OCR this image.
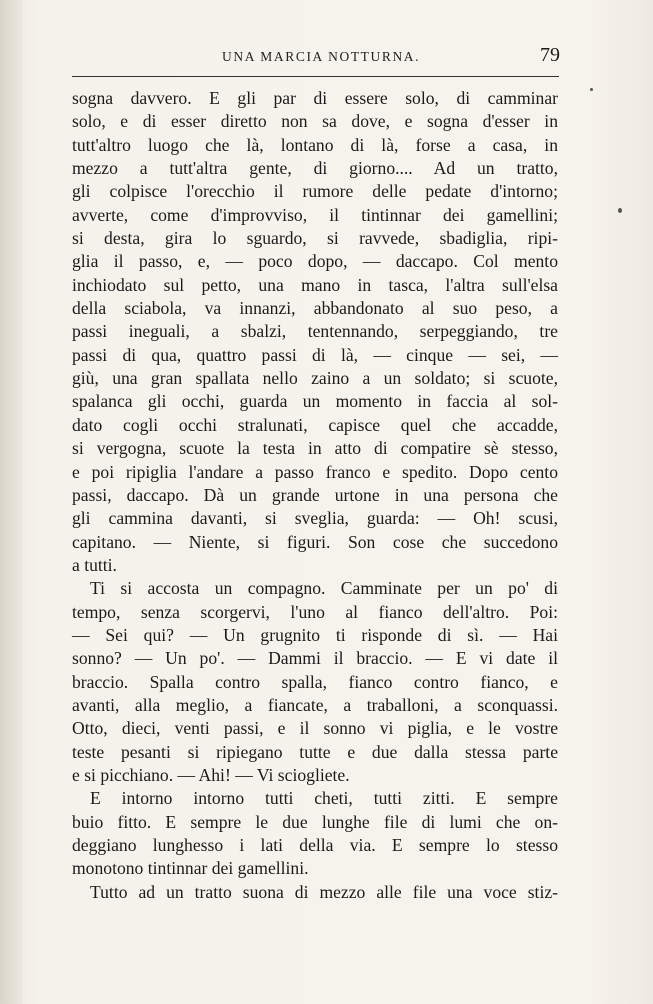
UNA MARCIA NOTTURNA.	79
sogna davvero. E gli par di essere solo, di camminar
solo, e di esser diretto non sa dove, e sogna d'esser in
tutt'altro luogo che là, lontano di là, forse a casa, in
mezzo a tutt'altra gente, di giorno.... Ad un tratto,
gli colpisce l'orecchio il rumore delle pedate d'intorno;
avverte, come d'improvviso, il tintinnar dei gamellini;
si desta, gira lo sguardo, si ravvede, sbadiglia, ripi-
glia il passo, e, — poco dopo, — daccapo. Col mento
inchiodato sul petto, una mano in tasca, l'altra sull'elsa
della sciabola, va innanzi, abbandonato al suo peso, a
passi ineguali, a sbalzi, tentennando, serpeggiando, tre
passi di qua, quattro passi di là, — cinque — sei, —
giù, una gran spallata nello zaino a un soldato; si scuote,
spalanca gli occhi, guarda un momento in faccia al sol-
dato cogli occhi stralunati, capisce quel che accadde,
si vergogna, scuote la testa in atto di compatire sè stesso,
e poi ripiglia l'andare a passo franco e spedito. Dopo cento
passi, daccapo. Dà un grande urtone in una persona che
gli cammina davanti, si sveglia, guarda: — Oh! scusi,
capitano. — Niente, si figuri. Son cose che succedono
a tutti.
Ti si accosta un compagno. Camminate per un po' di
tempo, senza scorgervi, l'uno al fianco dell'altro. Poi:
— Sei qui? — Un grugnito ti risponde di sì. — Hai
sonno? — Un po'. — Dammi il braccio. — E vi date il
braccio. Spalla contro spalla, fianco contro fianco, e
avanti, alla meglio, a fiancate, a traballoni, a sconquassi.
Otto, dieci, venti passi, e il sonno vi piglia, e le vostre
teste pesanti si ripiegano tutte e due dalla stessa parte
e si picchiano. — Ahi! — Vi sciogliete.
E intorno intorno tutti cheti, tutti zitti. E sempre
buio fitto. E sempre le due lunghe file di lumi che on-
deggiano lunghesso i lati della via. E sempre lo stesso
monotono tintinnar dei gamellini.
Tutto ad un tratto suona di mezzo alle file una voce stiz-
